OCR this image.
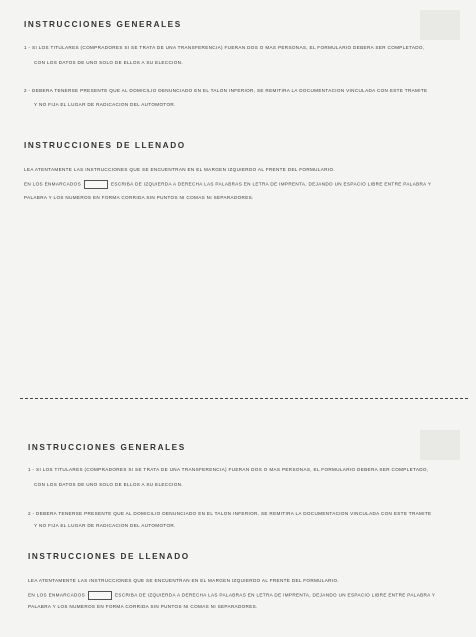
INSTRUCCIONES GENERALES
1 - SI LOS TITULARES (COMPRADORES SI SE TRATA DE UNA TRANSFERENCIA) FUERAN DOS O MAS PERSONAS, EL FORMULARIO DEBERA SER COMPLETADO,
CON LOS DATOS DE UNO SOLO DE ELLOS A SU ELECCION.
2 - DEBERA TENERSE PRESENTE QUE AL DOMICILIO DENUNCIADO EN EL TALON INFERIOR, SE REMITIRA LA DOCUMENTACION VINCULADA CON ESTE TRAMITE
Y NO FIJA EL LUGAR DE RADICACION DEL AUTOMOTOR.
INSTRUCCIONES DE LLENADO
LEA ATENTAMENTE LAS INSTRUCCIONES QUE SE ENCUENTRAN EN EL MARGEN IZQUIERDO AL FRENTE DEL FORMULARIO.
EN LOS ENMARCADOS	ESCRIBA DE IZQUIERDA A DERECHA LAS PALABRAS EN LETRA DE IMPRENTA, DEJANDO UN ESPACIO LIBRE ENTRE PALABRA Y
PALABRA Y LOS NUMEROS EN FORMA CORRIDA SIN PUNTOS NI COMAS NI SEPARADORES.
INSTRUCCIONES GENERALES
1 - SI LOS TITULARES (COMPRADORES SI SE TRATA DE UNA TRANSFERENCIA) FUERAN DOS O MAS PERSONAS, EL FORMULARIO DEBERA SER COMPLETADO,
CON LOS DATOS DE UNO SOLO DE ELLOS A SU ELECCION.
2 - DEBERA TENERSE PRESENTE QUE AL DOMICILIO DENUNCIADO EN EL TALON INFERIOR, SE REMITIRA LA DOCUMENTACION VINCULADA CON ESTE TRAMITE
Y NO FIJA EL LUGAR DE RADICACION DEL AUTOMOTOR.
INSTRUCCIONES DE LLENADO
LEA ATENTAMENTE LAS INSTRUCCIONES QUE SE ENCUENTRAN EN EL MARGEN IZQUIERDO AL FRENTE DEL FORMULARIO.
EN LOS ENMARCADOS	ESCRIBA DE IZQUIERDA A DERECHA LAS PALABRAS EN LETRA DE IMPRENTA, DEJANDO UN ESPACIO LIBRE ENTRE PALABRA Y
PALABRA Y LOS NUMEROS EN FORMA CORRIDA SIN PUNTOS NI COMAS NI SEPARADORES.
